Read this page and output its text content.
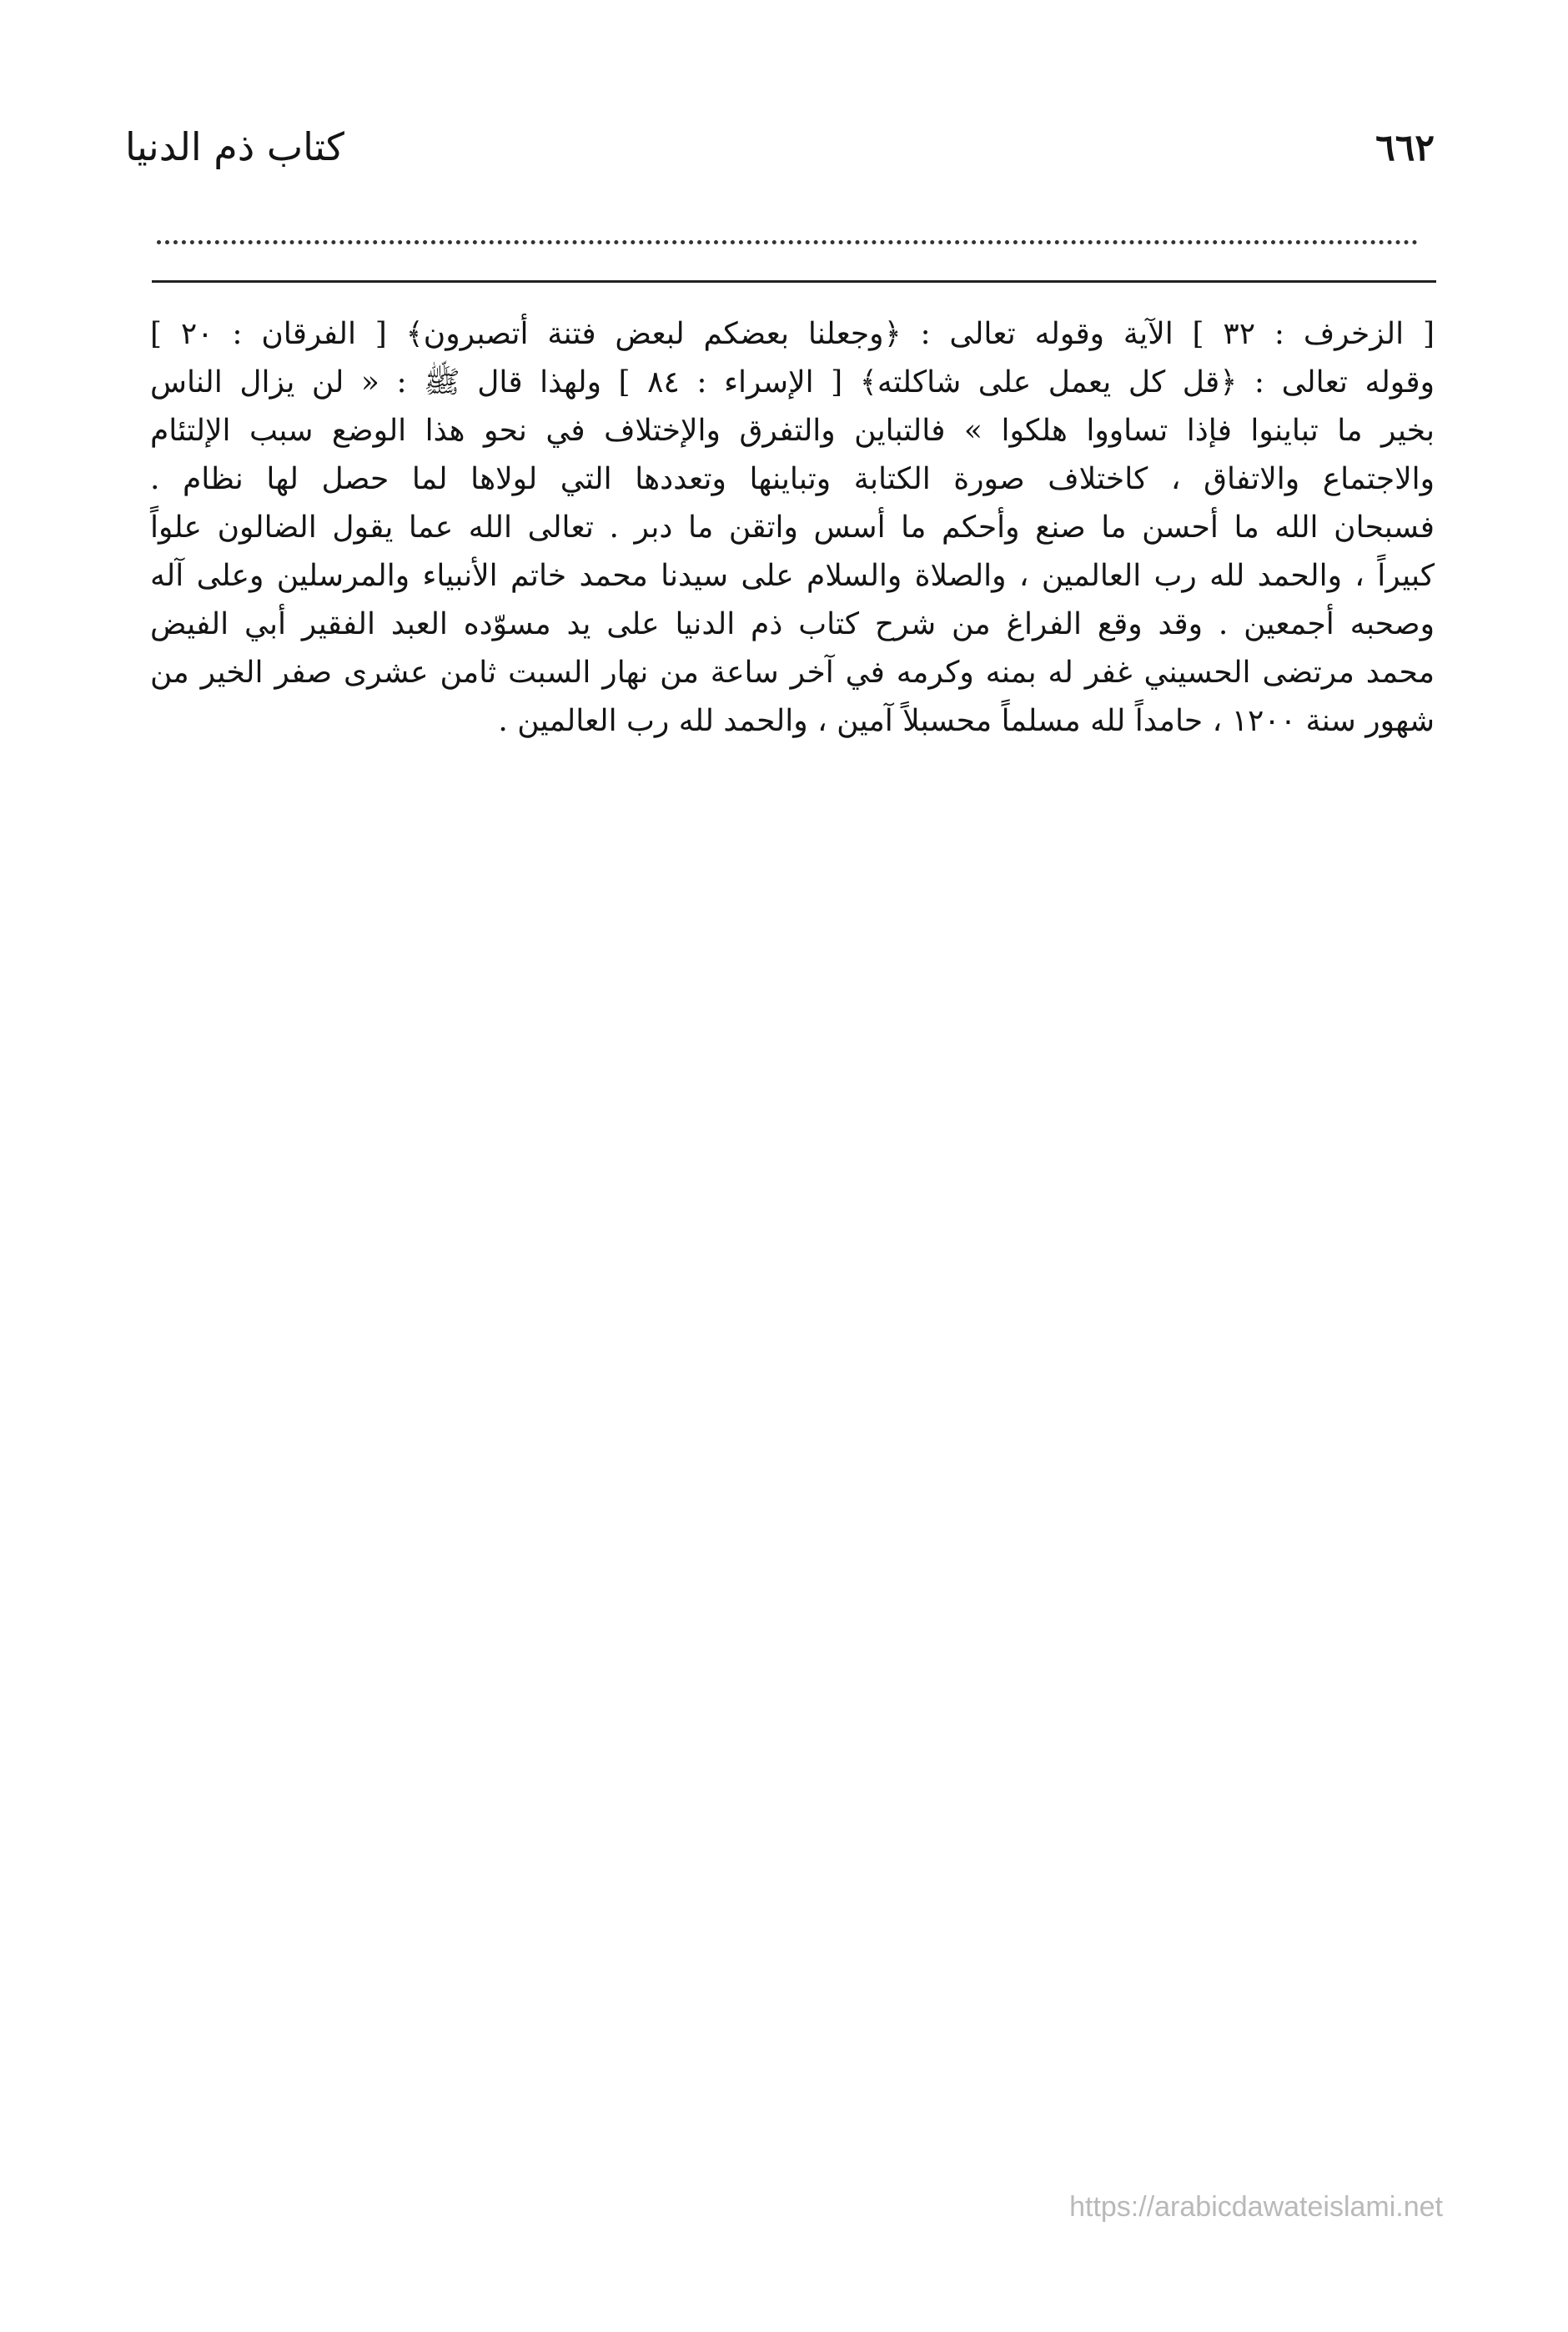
٦٦٢
كتاب ذم الدنيا
[ الزخرف : ٣٢ ] الآية وقوله تعالى : ﴿وجعلنا بعضكم لبعض فتنة أتصبرون﴾ [ الفرقان : ٢٠ ]
وقوله تعالى : ﴿قل كل يعمل على شاكلته﴾ [ الإسراء : ٨٤ ] ولهذا قال ﷺ : « لن يزال الناس
بخير ما تباينوا فإذا تساووا هلكوا » فالتباين والتفرق والإختلاف في نحو هذا الوضع سبب الإلتئام
والاجتماع والاتفاق ، كاختلاف صورة الكتابة وتباينها وتعددها التي لولاها لما حصل لها نظام .
فسبحان الله ما أحسن ما صنع وأحكم ما أسس واتقن ما دبر . تعالى الله عما يقول الضالون علواً
كبيراً ، والحمد لله رب العالمين ، والصلاة والسلام على سيدنا محمد خاتم الأنبياء والمرسلين وعلى آله
وصحبه أجمعين . وقد وقع الفراغ من شرح كتاب ذم الدنيا على يد مسوّده العبد الفقير أبي الفيض
محمد مرتضى الحسيني غفر له بمنه وكرمه في آخر ساعة من نهار السبت ثامن عشرى صفر الخير من
شهور سنة ١٢٠٠ ، حامداً لله مسلماً محسبلاً آمين ، والحمد لله رب العالمين .
https://arabicdawateislami.net
